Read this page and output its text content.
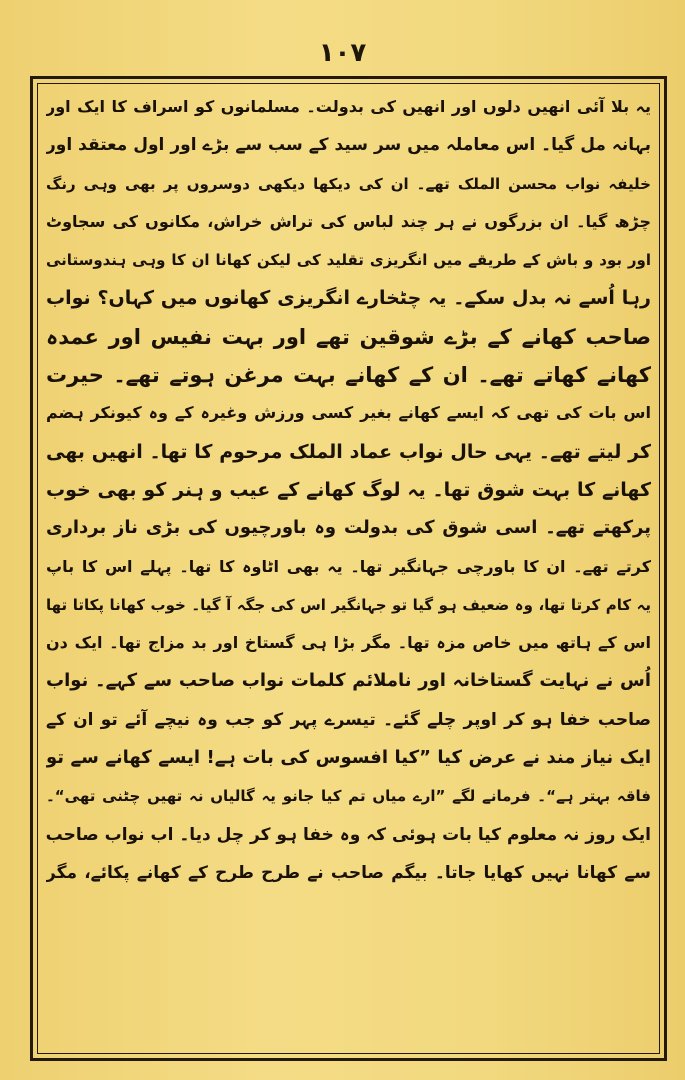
۱۰۷
یہ بلا آئی انھیں دلوں اور انھیں کی بدولت۔ مسلمانوں کو اسراف کا ایک اور
بہانہ مل گیا۔ اس معاملہ میں سر سید کے سب سے بڑے اور اول معتقد اور
خلیفہ نواب محسن الملک تھے۔ ان کی دیکھا دیکھی دوسروں پر بھی وہی رنگ
چڑھ گیا۔ ان بزرگوں نے ہر چند لباس کی تراش خراش، مکانوں کی سجاوٹ
اور بود و باش کے طریقے میں انگریزی تقلید کی لیکن کھانا ان کا وہی ہندوستانی
رہا اُسے نہ بدل سکے۔ یہ چٹخارے انگریزی کھانوں میں کہاں؟ نواب
صاحب کھانے کے بڑے شوقین تھے اور بہت نفیس اور عمدہ
کھانے کھاتے تھے۔ ان کے کھانے بہت مرغن ہوتے تھے۔ حیرت
اس بات کی تھی کہ ایسے کھانے بغیر کسی ورزش وغیرہ کے وہ کیونکر ہضم
کر لیتے تھے۔ یہی حال نواب عماد الملک مرحوم کا تھا۔ انھیں بھی
کھانے کا بہت شوق تھا۔ یہ لوگ کھانے کے عیب و ہنر کو بھی خوب
پرکھتے تھے۔ اسی شوق کی بدولت وہ باورچیوں کی بڑی ناز برداری
کرتے تھے۔ ان کا باورچی جہانگیر تھا۔ یہ بھی اٹاوہ کا تھا۔ پہلے اس کا باپ
یہ کام کرتا تھا، وہ ضعیف ہو گیا تو جہانگیر اس کی جگہ آ گیا۔ خوب کھانا پکاتا تھا
اس کے ہاتھ میں خاص مزہ تھا۔ مگر بڑا ہی گستاخ اور بد مزاج تھا۔ ایک دن
اُس نے نہایت گستاخانہ اور ناملائم کلمات نواب صاحب سے کہے۔ نواب
صاحب خفا ہو کر اوپر چلے گئے۔ تیسرے پہر کو جب وہ نیچے آئے تو ان کے
ایک نیاز مند نے عرض کیا ”کیا افسوس کی بات ہے! ایسے کھانے سے تو
فاقہ بہتر ہے“۔ فرمانے لگے ”ارے میاں تم کیا جانو یہ گالیاں نہ تھیں چٹنی تھی“۔
ایک روز نہ معلوم کیا بات ہوئی کہ وہ خفا ہو کر چل دیا۔ اب نواب صاحب
سے کھانا نہیں کھایا جاتا۔ بیگم صاحب نے طرح طرح کے کھانے پکائے، مگر
